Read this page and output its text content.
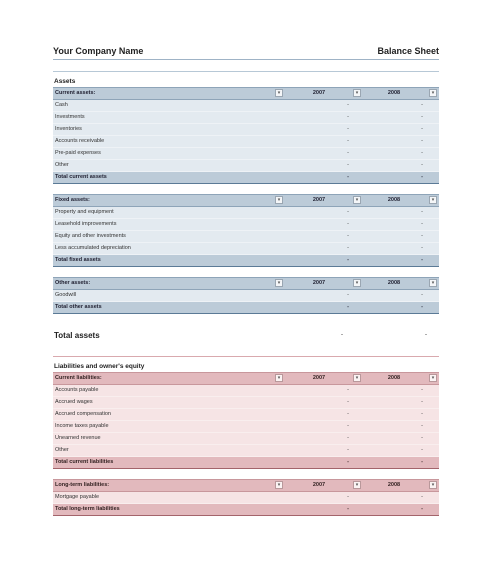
Your Company Name	Balance Sheet
Assets
Current assets:	▾	2007	▾	2008	▾
Cash		-		-	
Investments		-		-	
Inventories		-		-	
Accounts receivable		-		-	
Pre-paid expenses		-		-	
Other		-		-	
Total current assets		-		-	
Fixed assets:	▾	2007	▾	2008	▾
Property and equipment		-		-	
Leasehold improvements		-		-	
Equity and other investments		-		-	
Less accumulated depreciation		-		-	
Total fixed assets		-		-	
Other assets:	▾	2007	▾	2008	▾
Goodwill		-		-	
Total other assets		-		-	
Total assets	-	-
Liabilities and owner's equity
Current liabilities:	▾	2007	▾	2008	▾
Accounts payable		-		-	
Accrued wages		-		-	
Accrued compensation		-		-	
Income taxes payable		-		-	
Unearned revenue		-		-	
Other		-		-	
Total current liabilities		-		-	
Long-term liabilities:	▾	2007	▾	2008	▾
Mortgage payable		-		-	
Total long-term liabilities		-		-	
